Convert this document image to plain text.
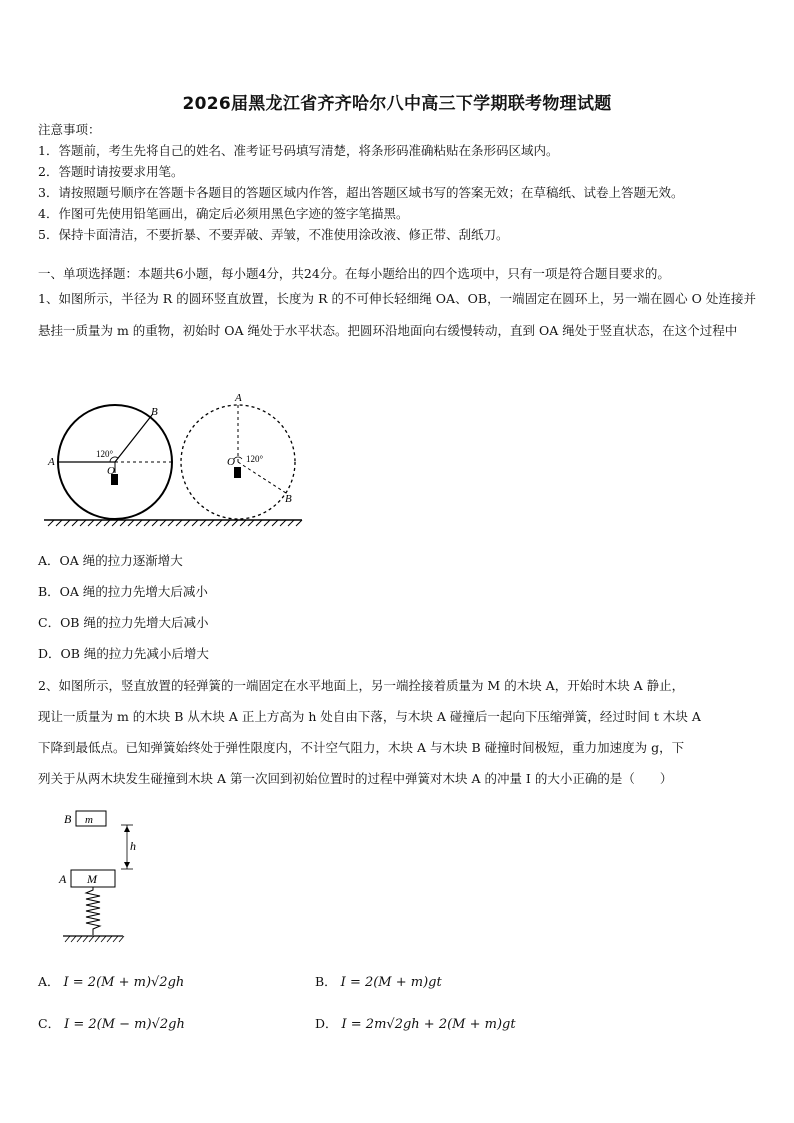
2026届黑龙江省齐齐哈尔八中高三下学期联考物理试题
注意事项：
1．答题前，考生先将自己的姓名、准考证号码填写清楚，将条形码准确粘贴在条形码区域内。
2．答题时请按要求用笔。
3．请按照题号顺序在答题卡各题目的答题区域内作答，超出答题区域书写的答案无效；在草稿纸、试卷上答题无效。
4．作图可先使用铅笔画出，确定后必须用黑色字迹的签字笔描黑。
5．保持卡面清洁，不要折暴、不要弄破、弄皱，不准使用涂改液、修正带、刮纸刀。
一、单项选择题：本题共6小题，每小题4分，共24分。在每小题给出的四个选项中，只有一项是符合题目要求的。
1、如图所示，半径为 R 的圆环竖直放置，长度为 R 的不可伸长轻细绳 OA、OB，一端固定在圆环上，另一端在圆心 O 处连接并悬挂一质量为 m 的重物，初始时 OA 绳处于水平状态。把圆环沿地面向右缓慢转动，直到 OA 绳处于竖直状态，在这个过程中
A
B
O
120°
A
B
O 120°
A．OA 绳的拉力逐渐增大
B．OA 绳的拉力先增大后减小
C．OB 绳的拉力先增大后减小
D．OB 绳的拉力先减小后增大
2、如图所示，竖直放置的轻弹簧的一端固定在水平地面上，另一端拴接着质量为 M 的木块 A，开始时木块 A 静止，
现让一质量为 m 的木块 B 从木块 A 正上方高为 h 处自由下落，与木块 A 碰撞后一起向下压缩弹簧，经过时间 t 木块 A
下降到最低点。已知弹簧始终处于弹性限度内，不计空气阻力，木块 A 与木块 B 碰撞时间极短，重力加速度为 g，下
列关于从两木块发生碰撞到木块 A 第一次回到初始位置时的过程中弹簧对木块 A 的冲量 I 的大小正确的是（　　）
B m
h
A M
A． I = 2(M + m)√2gh	B． I = 2(M + m)gt
C． I = 2(M − m)√2gh	D． I = 2m√2gh + 2(M + m)gt
